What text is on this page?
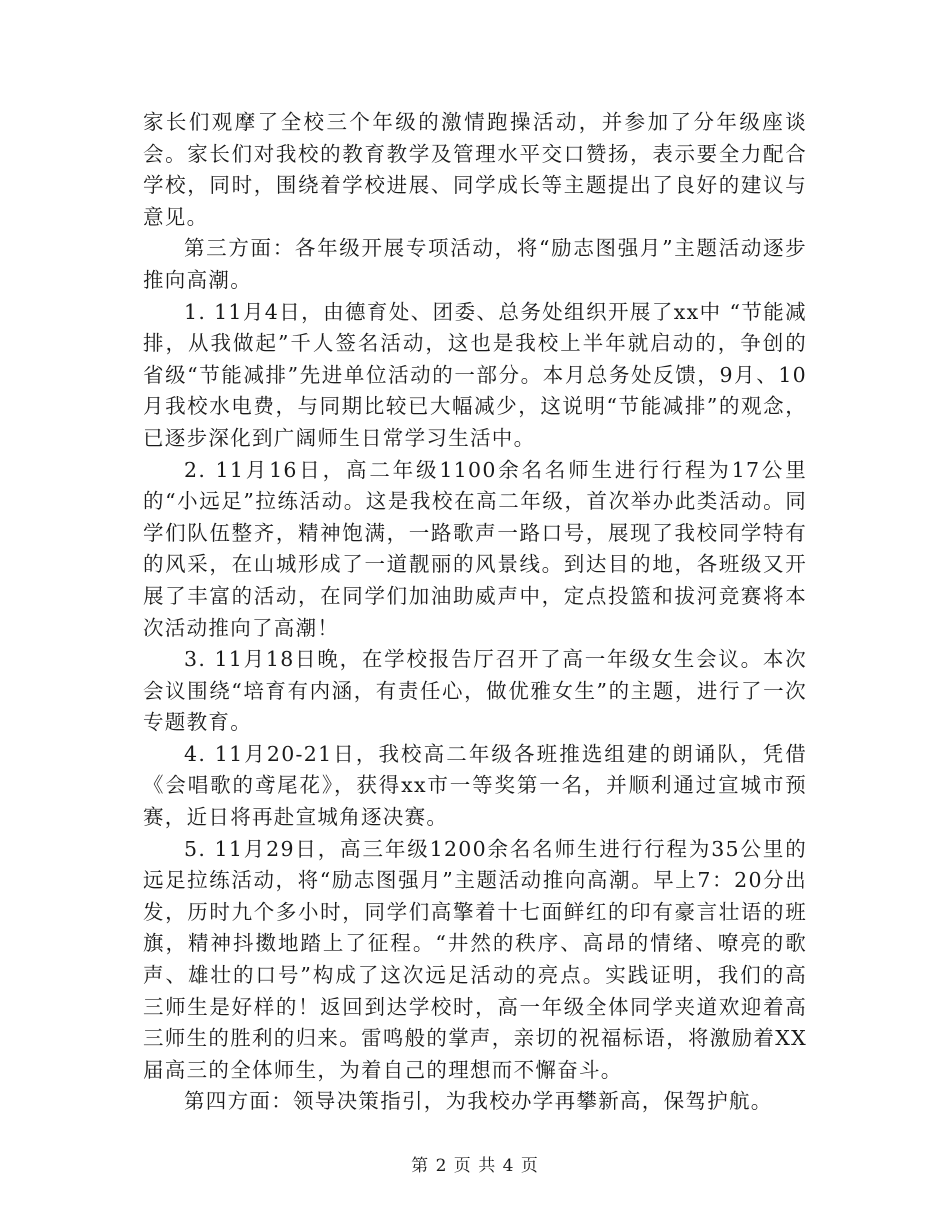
家长们观摩了全校三个年级的激情跑操活动，并参加了分年级座谈会。家长们对我校的教育教学及管理水平交口赞扬，表示要全力配合学校，同时，围绕着学校进展、同学成长等主题提出了良好的建议与意见。

第三方面：各年级开展专项活动，将“励志图强月”主题活动逐步推向高潮。

1. 11月4日，由德育处、团委、总务处组织开展了xx中 “节能减排，从我做起”千人签名活动，这也是我校上半年就启动的，争创的省级“节能减排”先进单位活动的一部分。本月总务处反馈，9月、10月我校水电费，与同期比较已大幅减少，这说明“节能减排”的观念，已逐步深化到广阔师生日常学习生活中。

2. 11月16日，高二年级1100余名名师生进行行程为17公里的“小远足”拉练活动。这是我校在高二年级，首次举办此类活动。同学们队伍整齐，精神饱满，一路歌声一路口号，展现了我校同学特有的风采，在山城形成了一道靓丽的风景线。到达目的地，各班级又开展了丰富的活动，在同学们加油助威声中，定点投篮和拔河竞赛将本次活动推向了高潮！

3. 11月18日晚，在学校报告厅召开了高一年级女生会议。本次会议围绕“培育有内涵，有责任心，做优雅女生”的主题，进行了一次专题教育。

4. 11月20-21日，我校高二年级各班推选组建的朗诵队，凭借《会唱歌的鸢尾花》，获得xx市一等奖第一名，并顺利通过宣城市预赛，近日将再赴宣城角逐决赛。

5. 11月29日，高三年级1200余名名师生进行行程为35公里的远足拉练活动，将“励志图强月”主题活动推向高潮。早上7：20分出发，历时九个多小时，同学们高擎着十七面鲜红的印有豪言壮语的班旗，精神抖擞地踏上了征程。“井然的秩序、高昂的情绪、嘹亮的歌声、雄壮的口号”构成了这次远足活动的亮点。实践证明，我们的高三师生是好样的！返回到达学校时，高一年级全体同学夹道欢迎着高三师生的胜利的归来。雷鸣般的掌声，亲切的祝福标语，将激励着XX届高三的全体师生，为着自己的理想而不懈奋斗。

第四方面：领导决策指引，为我校办学再攀新高，保驾护航。

第 2 页 共 4 页
